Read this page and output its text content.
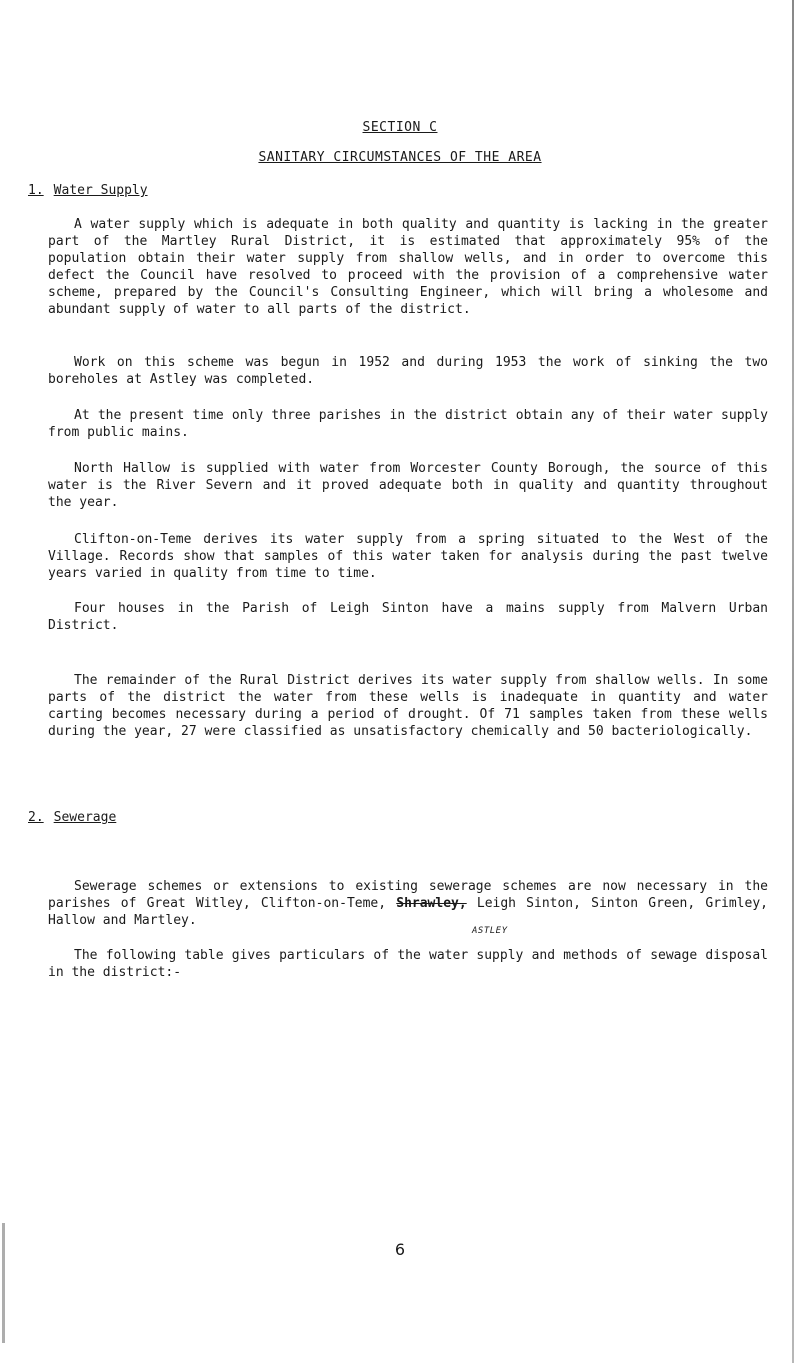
SECTION C
SANITARY CIRCUMSTANCES OF THE AREA
1. Water Supply

A water supply which is adequate in both quality and quantity is lacking in the greater part of the Martley Rural District, it is estimated that approximately 95% of the population obtain their water supply from shallow wells, and in order to overcome this defect the Council have resolved to proceed with the provision of a comprehensive water scheme, prepared by the Council's Consulting Engineer, which will bring a wholesome and abundant supply of water to all parts of the district.

Work on this scheme was begun in 1952 and during 1953 the work of sinking the two boreholes at Astley was completed.

At the present time only three parishes in the district obtain any of their water supply from public mains.

North Hallow is supplied with water from Worcester County Borough, the source of this water is the River Severn and it proved adequate both in quality and quantity throughout the year.

Clifton-on-Teme derives its water supply from a spring situated to the West of the Village. Records show that samples of this water taken for analysis during the past twelve years varied in quality from time to time.

Four houses in the Parish of Leigh Sinton have a mains supply from Malvern Urban District.

The remainder of the Rural District derives its water supply from shallow wells. In some parts of the district the water from these wells is inadequate in quantity and water carting becomes necessary during a period of drought. Of 71 samples taken from these wells during the year, 27 were classified as unsatisfactory chemically and 50 bacteriologically.

2. Sewerage

Sewerage schemes or extensions to existing sewerage schemes are now necessary in the parishes of Great Witley, Clifton-on-Teme, Shrawley, Leigh Sinton, Sinton Green, Grimley, Hallow and Martley.

ASTLEY

The following table gives particulars of the water supply and methods of sewage disposal in the district:-

6
